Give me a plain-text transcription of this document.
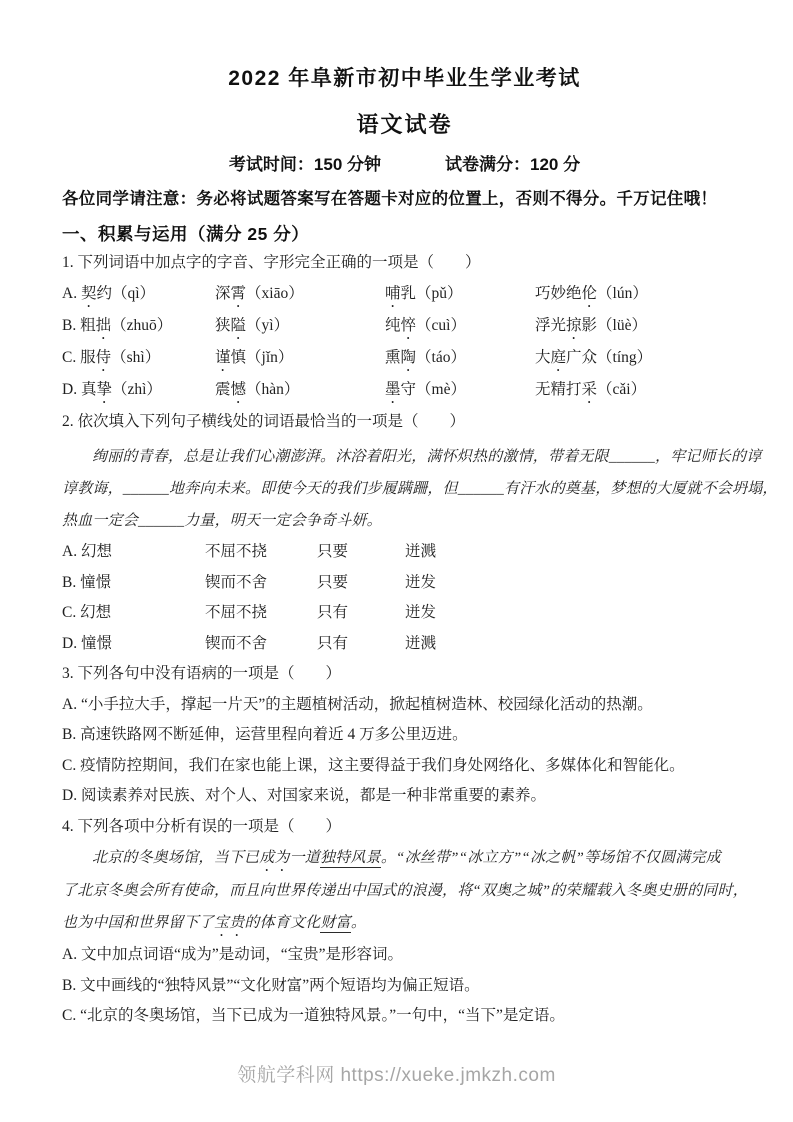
2022 年阜新市初中毕业生学业考试
语文试卷
考试时间：150 分钟	试卷满分：120 分
各位同学请注意：务必将试题答案写在答题卡对应的位置上，否则不得分。千万记住哦！
一、积累与运用（满分 25 分）
1. 下列词语中加点字的字音、字形完全正确的一项是（　　）
A. 契约（qì）	深霄（xiāo）	哺乳（pǔ）	巧妙绝伦（lún）
B. 粗拙（zhuō）	狭隘（yì）	纯悴（cuì）	浮光掠影（lüè）
C. 服侍（shì）	谨慎（jǐn）	熏陶（táo）	大庭广众（tíng）
D. 真挚（zhì）	震憾（hàn）	墨守（mè）	无精打采（cǎi）
2. 依次填入下列句子横线处的词语最恰当的一项是（　　）
绚丽的青春，总是让我们心潮澎湃。沐浴着阳光，满怀炽热的激情，带着无限______，牢记师长的谆
谆教诲，______地奔向未来。即使今天的我们步履蹒跚，但______有汗水的奠基，梦想的大厦就不会坍塌，
热血一定会______力量，明天一定会争奇斗妍。
A. 幻想	不屈不挠	只要	迸溅
B. 憧憬	锲而不舍	只要	迸发
C. 幻想	不屈不挠	只有	迸发
D. 憧憬	锲而不舍	只有	迸溅
3. 下列各句中没有语病的一项是（　　）
A. “小手拉大手，撑起一片天”的主题植树活动，掀起植树造林、校园绿化活动的热潮。
B. 高速铁路网不断延伸，运营里程向着近 4 万多公里迈进。
C. 疫情防控期间，我们在家也能上课，这主要得益于我们身处网络化、多媒体化和智能化。
D. 阅读素养对民族、对个人、对国家来说，都是一种非常重要的素养。
4. 下列各项中分析有误的一项是（　　）
北京的冬奥场馆，当下已成为一道独特风景。“冰丝带”“冰立方”“冰之帆”等场馆不仅圆满完成
了北京冬奥会所有使命，而且向世界传递出中国式的浪漫，将“双奥之城”的荣耀载入冬奥史册的同时，
也为中国和世界留下了宝贵的体育文化财富。
A. 文中加点词语“成为”是动词，“宝贵”是形容词。
B. 文中画线的“独特风景”“文化财富”两个短语均为偏正短语。
C. “北京的冬奥场馆，当下已成为一道独特风景。”一句中，“当下”是定语。
领航学科网 https://xueke.jmkzh.com
